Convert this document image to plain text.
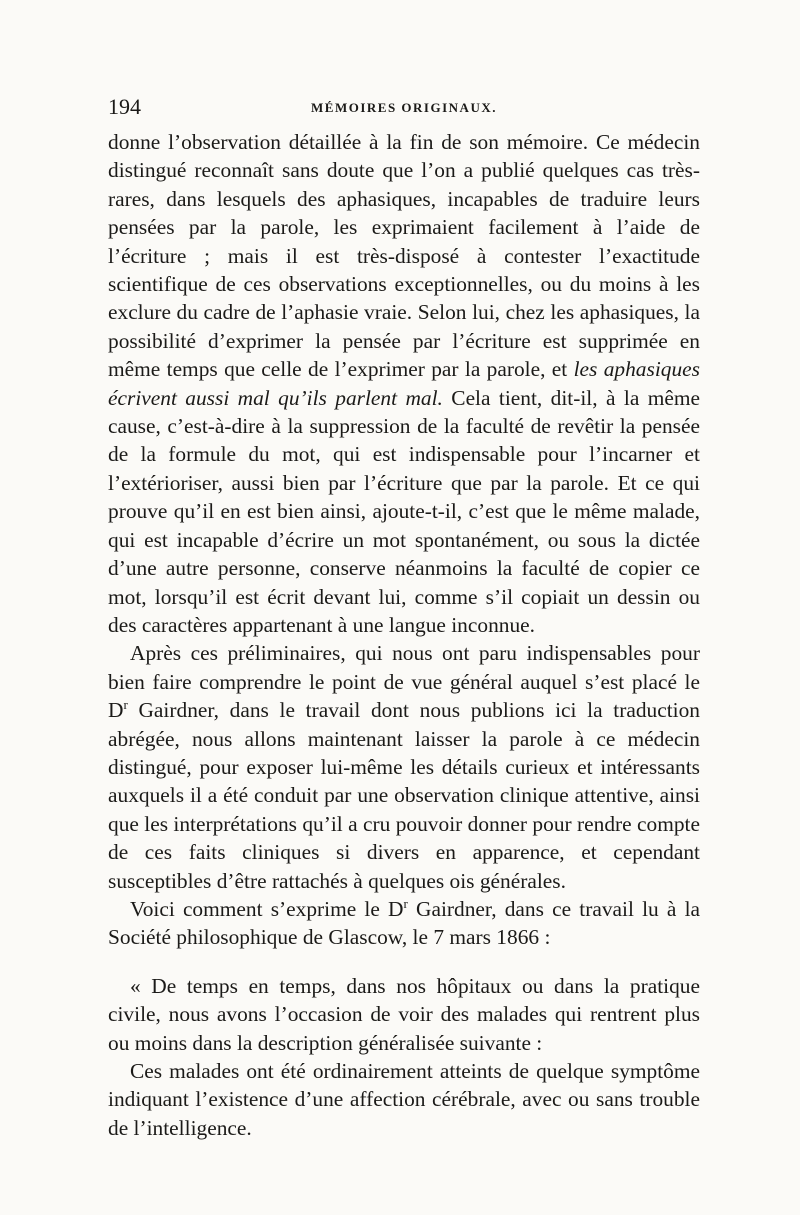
194	MÉMOIRES ORIGINAUX.

donne l’observation détaillée à la fin de son mémoire. Ce médecin distingué reconnaît sans doute que l’on a publié quelques cas très-rares, dans lesquels des aphasiques, incapables de traduire leurs pensées par la parole, les exprimaient facilement à l’aide de l’écriture ; mais il est très-disposé à contester l’exactitude scientifique de ces observations exceptionnelles, ou du moins à les exclure du cadre de l’aphasie vraie. Selon lui, chez les aphasiques, la possibilité d’exprimer la pensée par l’écriture est supprimée en même temps que celle de l’exprimer par la parole, et les aphasiques écrivent aussi mal qu’ils parlent mal. Cela tient, dit-il, à la même cause, c’est-à-dire à la suppression de la faculté de revêtir la pensée de la formule du mot, qui est indispensable pour l’incarner et l’extérioriser, aussi bien par l’écriture que par la parole. Et ce qui prouve qu’il en est bien ainsi, ajoute-t-il, c’est que le même malade, qui est incapable d’écrire un mot spontanément, ou sous la dictée d’une autre personne, conserve néanmoins la faculté de copier ce mot, lorsqu’il est écrit devant lui, comme s’il copiait un dessin ou des caractères appartenant à une langue inconnue.

Après ces préliminaires, qui nous ont paru indispensables pour bien faire comprendre le point de vue général auquel s’est placé le $D^r$ Gairdner, dans le travail dont nous publions ici la traduction abrégée, nous allons maintenant laisser la parole à ce médecin distingué, pour exposer lui-même les détails curieux et intéressants auxquels il a été conduit par une observation clinique attentive, ainsi que les interprétations qu’il a cru pouvoir donner pour rendre compte de ces faits cliniques si divers en apparence, et cependant susceptibles d’être rattachés à quelques ois générales.

Voici comment s’exprime le $D^r$ Gairdner, dans ce travail lu à la Société philosophique de Glascow, le 7 mars 1866 :

« De temps en temps, dans nos hôpitaux ou dans la pratique civile, nous avons l’occasion de voir des malades qui rentrent plus ou moins dans la description généralisée suivante :

Ces malades ont été ordinairement atteints de quelque symptôme indiquant l’existence d’une affection cérébrale, avec ou sans trouble de l’intelligence.
